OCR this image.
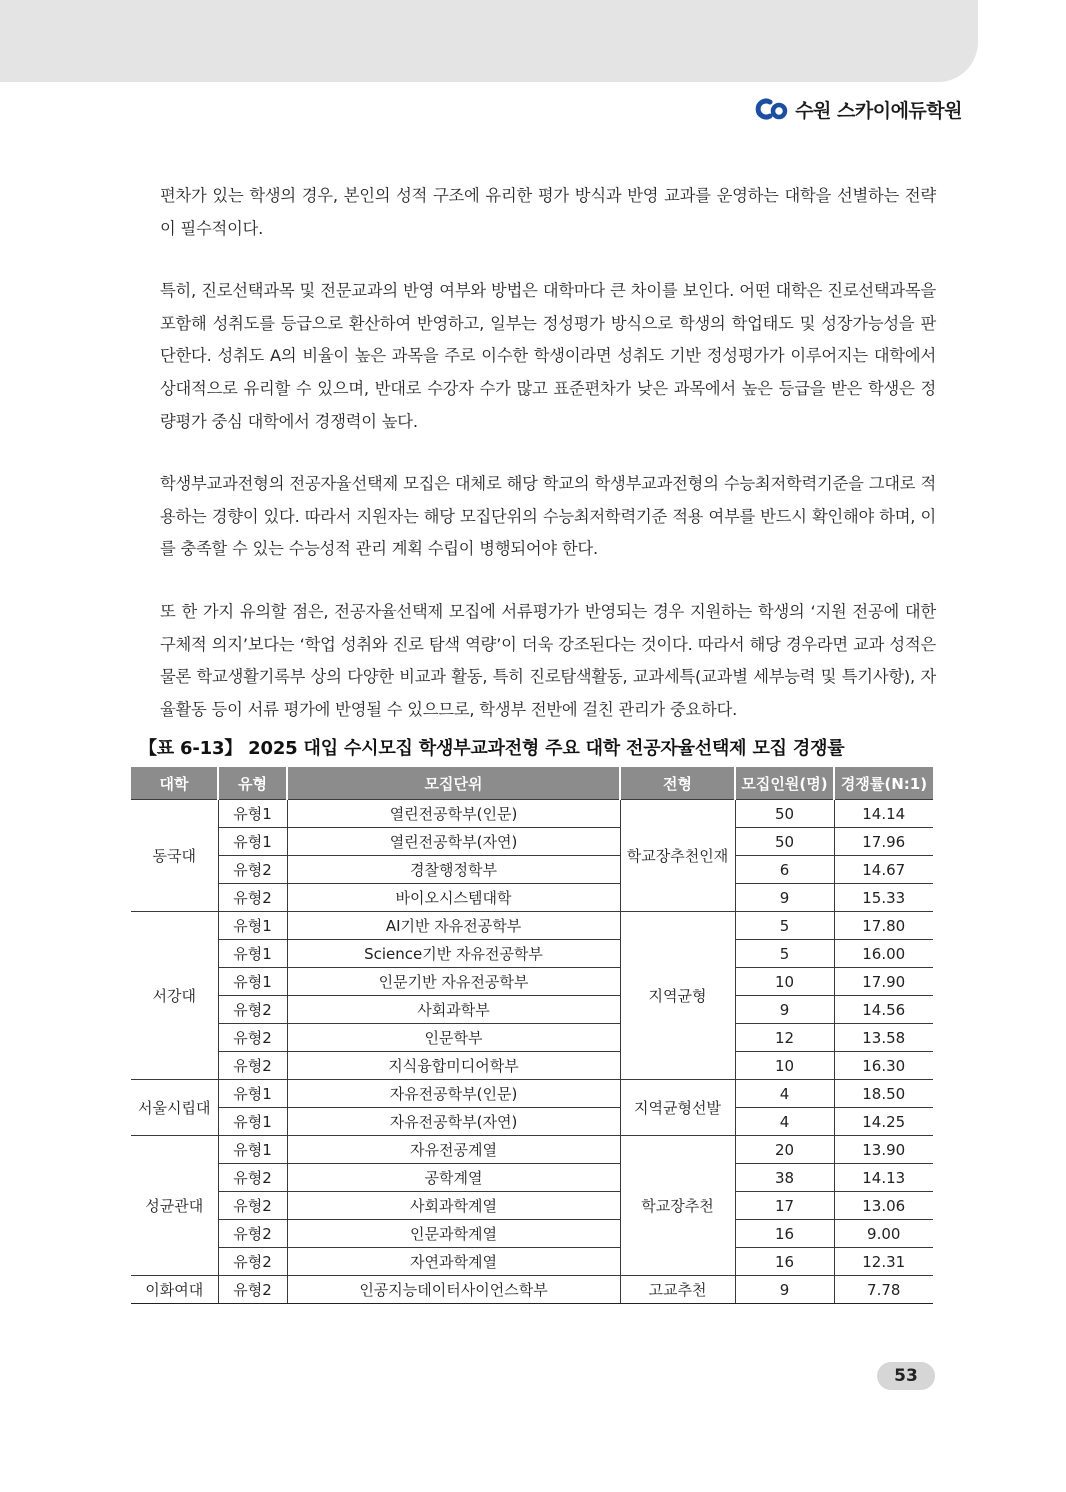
수원 스카이에듀학원

편차가 있는 학생의 경우, 본인의 성적 구조에 유리한 평가 방식과 반영 교과를 운영하는 대학을 선별하는 전략이 필수적이다.

특히, 진로선택과목 및 전문교과의 반영 여부와 방법은 대학마다 큰 차이를 보인다. 어떤 대학은 진로선택과목을 포함해 성취도를 등급으로 환산하여 반영하고, 일부는 정성평가 방식으로 학생의 학업태도 및 성장가능성을 판단한다. 성취도 A의 비율이 높은 과목을 주로 이수한 학생이라면 성취도 기반 정성평가가 이루어지는 대학에서 상대적으로 유리할 수 있으며, 반대로 수강자 수가 많고 표준편차가 낮은 과목에서 높은 등급을 받은 학생은 정량평가 중심 대학에서 경쟁력이 높다.

학생부교과전형의 전공자율선택제 모집은 대체로 해당 학교의 학생부교과전형의 수능최저학력기준을 그대로 적용하는 경향이 있다. 따라서 지원자는 해당 모집단위의 수능최저학력기준 적용 여부를 반드시 확인해야 하며, 이를 충족할 수 있는 수능성적 관리 계획 수립이 병행되어야 한다.

또 한 가지 유의할 점은, 전공자율선택제 모집에 서류평가가 반영되는 경우 지원하는 학생의 ‘지원 전공에 대한 구체적 의지’보다는 ‘학업 성취와 진로 탐색 역량’이 더욱 강조된다는 것이다. 따라서 해당 경우라면 교과 성적은 물론 학교생활기록부 상의 다양한 비교과 활동, 특히 진로탐색활동, 교과세특(교과별 세부능력 및 특기사항), 자율활동 등이 서류 평가에 반영될 수 있으므로, 학생부 전반에 걸친 관리가 중요하다.

【표 6-13】 2025 대입 수시모집 학생부교과전형 주요 대학 전공자율선택제 모집 경쟁률
대학	유형	모집단위	전형	모집인원(명)	경쟁률(N:1)
동국대	유형1	열린전공학부(인문)	학교장추천인재	50	14.14
	유형1	열린전공학부(자연)		50	17.96
	유형2	경찰행정학부		6	14.67
	유형2	바이오시스템대학		9	15.33
서강대	유형1	AI기반 자유전공학부	지역균형	5	17.80
	유형1	Science기반 자유전공학부		5	16.00
	유형1	인문기반 자유전공학부		10	17.90
	유형2	사회과학부		9	14.56
	유형2	인문학부		12	13.58
	유형2	지식융합미디어학부		10	16.30
서울시립대	유형1	자유전공학부(인문)	지역균형선발	4	18.50
	유형1	자유전공학부(자연)		4	14.25
성균관대	유형1	자유전공계열	학교장추천	20	13.90
	유형2	공학계열		38	14.13
	유형2	사회과학계열		17	13.06
	유형2	인문과학계열		16	9.00
	유형2	자연과학계열		16	12.31
이화여대	유형2	인공지능데이터사이언스학부	고교추천	9	7.78
53
